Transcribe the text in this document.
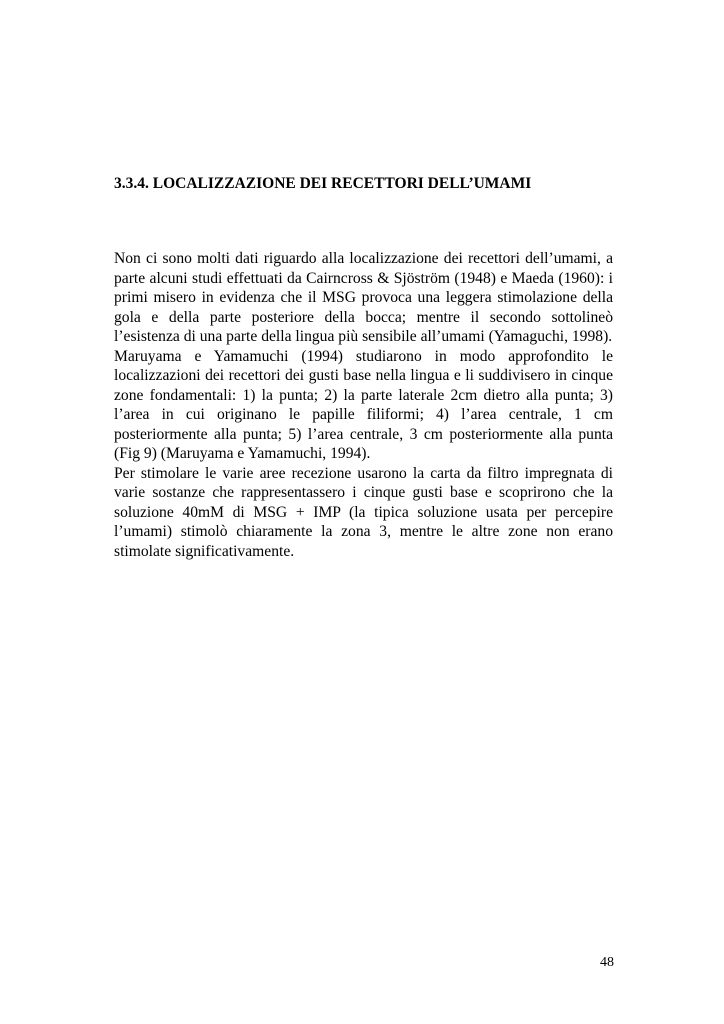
3.3.4. LOCALIZZAZIONE DEI RECETTORI DELL’UMAMI

Non ci sono molti dati riguardo alla localizzazione dei recettori dell’umami, a parte alcuni studi effettuati da Cairncross & Sjöström (1948) e Maeda (1960): i primi misero in evidenza che il MSG provoca una leggera stimolazione della gola e della parte posteriore della bocca; mentre il secondo sottolineò l’esistenza di una parte della lingua più sensibile all’umami (Yamaguchi, 1998).

Maruyama e Yamamuchi (1994) studiarono in modo approfondito le localizzazioni dei recettori dei gusti base nella lingua e li suddivisero in cinque zone fondamentali: 1) la punta; 2) la parte laterale 2cm dietro alla punta; 3) l’area in cui originano le papille filiformi; 4) l’area centrale, 1 cm posteriormente alla punta; 5) l’area centrale, 3 cm posteriormente alla punta (Fig 9) (Maruyama e Yamamuchi, 1994).

Per stimolare le varie aree recezione usarono la carta da filtro impregnata di varie sostanze che rappresentassero i cinque gusti base e scoprirono che la soluzione 40mM di MSG + IMP (la tipica soluzione usata per percepire l’umami) stimolò chiaramente la zona 3, mentre le altre zone non erano stimolate significativamente.

48
